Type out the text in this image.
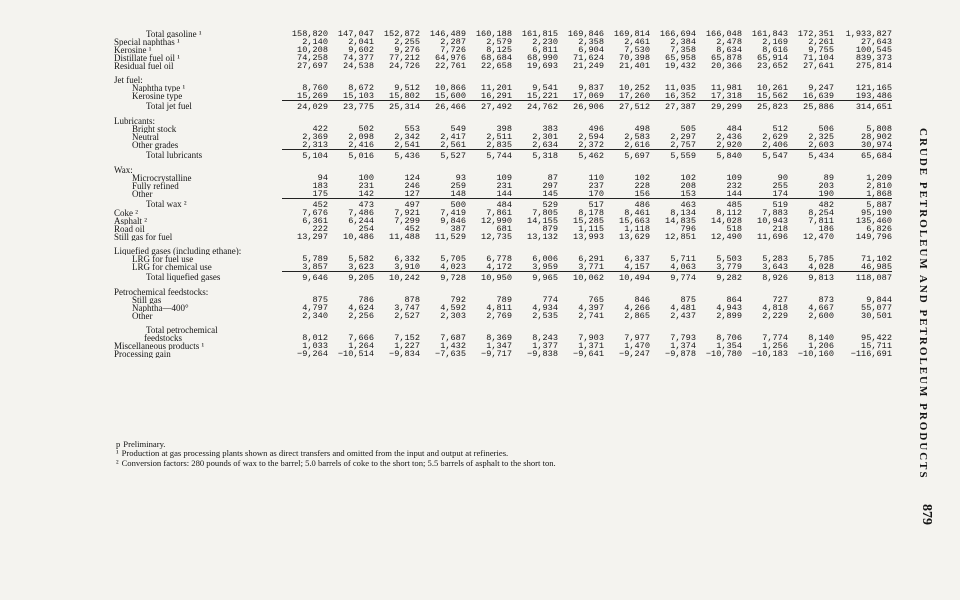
Total gasoline ¹	158,820	147,047	152,872	146,489	160,188	161,815	169,846	169,814	166,694	166,048	161,843	172,351	1,933,827
Special naphthas ¹	2,140	2,041	2,255	2,287	2,579	2,230	2,358	2,461	2,384	2,478	2,169	2,261	27,643
Kerosine ¹	10,208	9,602	9,276	7,726	8,125	6,811	6,904	7,530	7,358	8,634	8,616	9,755	100,545
Distillate fuel oil ¹	74,258	74,377	77,212	64,976	68,684	68,990	71,624	70,398	65,958	65,878	65,914	71,104	839,373
Residual fuel oil	27,697	24,538	24,726	22,761	22,658	19,693	21,249	21,401	19,432	20,366	23,652	27,641	275,814

Jet fuel:													
Naphtha type ¹	8,760	8,672	9,512	10,866	11,201	9,541	9,837	10,252	11,035	11,981	10,261	9,247	121,165
Kerosine type	15,269	15,103	15,802	15,600	16,291	15,221	17,069	17,260	16,352	17,318	15,562	16,639	193,486
Total jet fuel	24,029	23,775	25,314	26,466	27,492	24,762	26,906	27,512	27,387	29,299	25,823	25,886	314,651

Lubricants:													
Bright stock	422	502	553	549	398	383	496	498	505	484	512	506	5,808
Neutral	2,369	2,098	2,342	2,417	2,511	2,301	2,594	2,583	2,297	2,436	2,629	2,325	28,902
Other grades	2,313	2,416	2,541	2,561	2,835	2,634	2,372	2,616	2,757	2,920	2,406	2,603	30,974
Total lubricants	5,104	5,016	5,436	5,527	5,744	5,318	5,462	5,697	5,559	5,840	5,547	5,434	65,684

Wax:													
Microcrystalline	94	100	124	93	109	87	110	102	102	109	90	89	1,209
Fully refined	183	231	246	259	231	297	237	228	208	232	255	203	2,810
Other	175	142	127	148	144	145	170	156	153	144	174	190	1,868
Total wax ²	452	473	497	500	484	529	517	486	463	485	519	482	5,887
Coke ²	7,676	7,486	7,921	7,419	7,861	7,805	8,178	8,461	8,134	8,112	7,883	8,254	95,190
Asphalt ²	6,361	6,244	7,299	9,846	12,990	14,155	15,285	15,663	14,835	14,028	10,943	7,811	135,460
Road oil	222	254	452	387	681	879	1,115	1,118	796	518	218	186	6,826
Still gas for fuel	13,297	10,486	11,488	11,529	12,735	13,132	13,993	13,629	12,851	12,490	11,696	12,470	149,796

Liquefied gases (including ethane):													
LRG for fuel use	5,789	5,582	6,332	5,705	6,778	6,006	6,291	6,337	5,711	5,503	5,283	5,785	71,102
LRG for chemical use	3,857	3,623	3,910	4,023	4,172	3,959	3,771	4,157	4,063	3,779	3,643	4,028	46,985
Total liquefied gases	9,646	9,205	10,242	9,728	10,950	9,965	10,062	10,494	9,774	9,282	8,926	9,813	118,087

Petrochemical feedstocks:													
Still gas	875	786	878	792	789	774	765	846	875	864	727	873	9,844
Naphtha—400°	4,797	4,624	3,747	4,592	4,811	4,934	4,397	4,266	4,481	4,943	4,818	4,667	55,077
Other	2,340	2,256	2,527	2,303	2,769	2,535	2,741	2,865	2,437	2,899	2,229	2,600	30,501

Total petrochemical													
feedstocks	8,012	7,666	7,152	7,687	8,369	8,243	7,903	7,977	7,793	8,706	7,774	8,140	95,422
Miscellaneous products ¹	1,033	1,264	1,227	1,432	1,347	1,377	1,371	1,470	1,374	1,354	1,256	1,206	15,711
Processing gain	−9,264	−10,514	−9,834	−7,635	−9,717	−9,838	−9,641	−9,247	−9,878	−10,780	−10,183	−10,160	−116,691
p Preliminary.
¹ Production at gas processing plants shown as direct transfers and omitted from the input and output at refineries.
² Conversion factors: 280 pounds of wax to the barrel; 5.0 barrels of coke to the short ton; 5.5 barrels of asphalt to the short ton.	CRUDE PETROLEUM AND PETROLEUM PRODUCTS
879
